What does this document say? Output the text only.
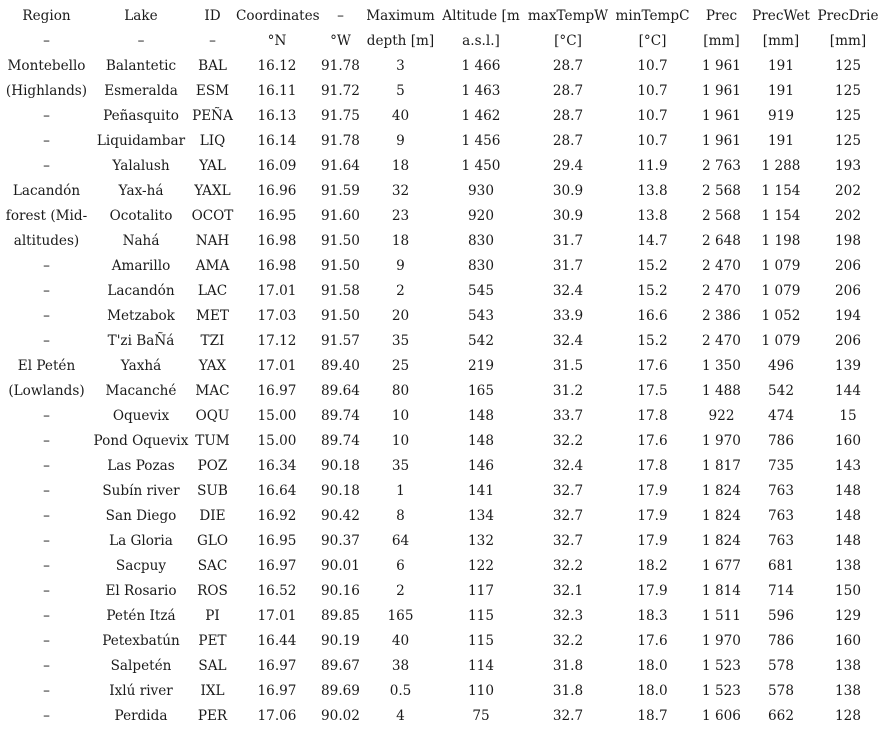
Region	Lake	ID	Coordinates	–	Maximum	Altitude [m	maxTempW	minTempC	Prec	PrecWet	PrecDrie
–	–	–	°N	°W	depth [m]	a.s.l.]	[°C]	[°C]	[mm]	[mm]	[mm]
Montebello	Balantetic	BAL	16.12	91.78	3	1 466	28.7	10.7	1 961	191	125
(Highlands)	Esmeralda	ESM	16.11	91.72	5	1 463	28.7	10.7	1 961	191	125
–	Peñasquito	PEÑA	16.13	91.75	40	1 462	28.7	10.7	1 961	919	125
–	Liquidambar	LIQ	16.14	91.78	9	1 456	28.7	10.7	1 961	191	125
–	Yalalush	YAL	16.09	91.64	18	1 450	29.4	11.9	2 763	1 288	193
Lacandón	Yax-há	YAXL	16.96	91.59	32	930	30.9	13.8	2 568	1 154	202
forest (Mid-	Ocotalito	OCOT	16.95	91.60	23	920	30.9	13.8	2 568	1 154	202
altitudes)	Nahá	NAH	16.98	91.50	18	830	31.7	14.7	2 648	1 198	198
–	Amarillo	AMA	16.98	91.50	9	830	31.7	15.2	2 470	1 079	206
–	Lacandón	LAC	17.01	91.58	2	545	32.4	15.2	2 470	1 079	206
–	Metzabok	MET	17.03	91.50	20	543	33.9	16.6	2 386	1 052	194
–	T'zi BaÑá	TZI	17.12	91.57	35	542	32.4	15.2	2 470	1 079	206
El Petén	Yaxhá	YAX	17.01	89.40	25	219	31.5	17.6	1 350	496	139
(Lowlands)	Macanché	MAC	16.97	89.64	80	165	31.2	17.5	1 488	542	144
–	Oquevix	OQU	15.00	89.74	10	148	33.7	17.8	922	474	15
–	Pond Oquevix	TUM	15.00	89.74	10	148	32.2	17.6	1 970	786	160
–	Las Pozas	POZ	16.34	90.18	35	146	32.4	17.8	1 817	735	143
–	Subín river	SUB	16.64	90.18	1	141	32.7	17.9	1 824	763	148
–	San Diego	DIE	16.92	90.42	8	134	32.7	17.9	1 824	763	148
–	La Gloria	GLO	16.95	90.37	64	132	32.7	17.9	1 824	763	148
–	Sacpuy	SAC	16.97	90.01	6	122	32.2	18.2	1 677	681	138
–	El Rosario	ROS	16.52	90.16	2	117	32.1	17.9	1 814	714	150
–	Petén Itzá	PI	17.01	89.85	165	115	32.3	18.3	1 511	596	129
–	Petexbatún	PET	16.44	90.19	40	115	32.2	17.6	1 970	786	160
–	Salpetén	SAL	16.97	89.67	38	114	31.8	18.0	1 523	578	138
–	Ixlú river	IXL	16.97	89.69	0.5	110	31.8	18.0	1 523	578	138
–	Perdida	PER	17.06	90.02	4	75	32.7	18.7	1 606	662	128
